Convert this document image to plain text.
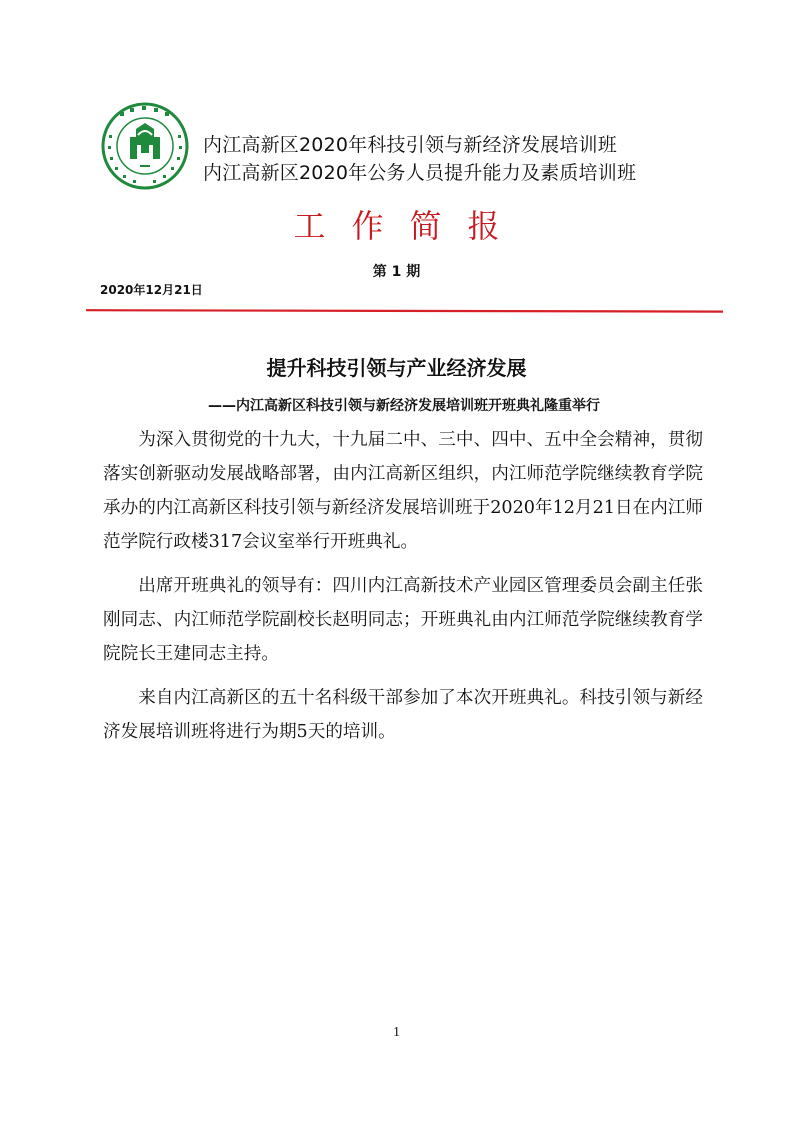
内江高新区2020年科技引领与新经济发展培训班
内江高新区2020年公务人员提升能力及素质培训班
工作简报
第 1 期
2020年12月21日
提升科技引领与产业经济发展
——内江高新区科技引领与新经济发展培训班开班典礼隆重举行

为深入贯彻党的十九大，十九届二中、三中、四中、五中全会精神，贯彻落实创新驱动发展战略部署，由内江高新区组织，内江师范学院继续教育学院承办的内江高新区科技引领与新经济发展培训班于2020年12月21日在内江师范学院行政楼317会议室举行开班典礼。

出席开班典礼的领导有：四川内江高新技术产业园区管理委员会副主任张刚同志、内江师范学院副校长赵明同志；开班典礼由内江师范学院继续教育学院院长王建同志主持。

来自内江高新区的五十名科级干部参加了本次开班典礼。科技引领与新经济发展培训班将进行为期5天的培训。

1
